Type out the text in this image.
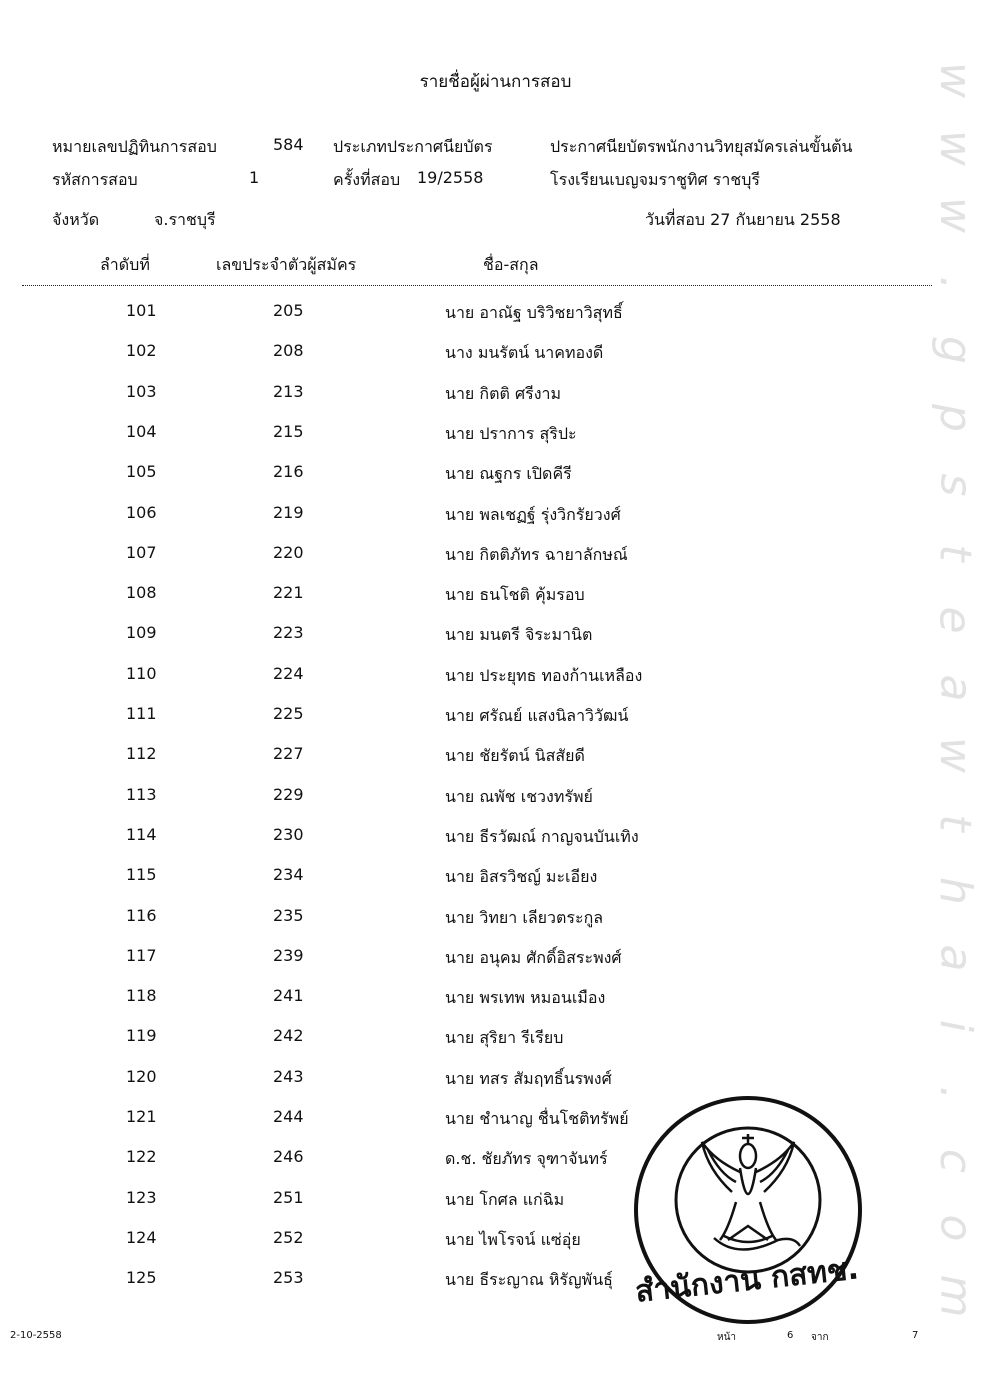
รายชื่อผู้ผ่านการสอบ
หมายเลขปฏิทินการสอบ	584 ประเภทประกาศนียบัตร	ประกาศนียบัตรพนักงานวิทยุสมัครเล่นขั้นต้น
รหัสการสอบ	1	ครั้งที่สอบ 19/2558	โรงเรียนเบญจมราชูทิศ ราชบุรี
จังหวัด	จ.ราชบุรี	วันที่สอบ 27 กันยายน 2558
ลำดับที่	เลขประจำตัวผู้สมัคร	ชื่อ-สกุล
101	205	นาย อาณัฐ บริวิชยาวิสุทธิ์
102	208	นาง มนรัตน์ นาคทองดี
103	213	นาย กิตติ ศรีงาม
104	215	นาย ปราการ สุริปะ
105	216	นาย ณฐกร เปิดคีรี
106	219	นาย พลเชฏฐ์ รุ่งวิกรัยวงศ์
107	220	นาย กิตติภัทร ฉายาลักษณ์
108	221	นาย ธนโชติ คุ้มรอบ
109	223	นาย มนตรี จิระมานิต
110	224	นาย ประยุทธ ทองก้านเหลือง
111	225	นาย ศรัณย์ แสงนิลาวิวัฒน์
112	227	นาย ชัยรัตน์ นิสสัยดี
113	229	นาย ณพัช เชวงทรัพย์
114	230	นาย ธีรวัฒณ์ กาญจนบันเทิง
115	234	นาย อิสรวิชญ์ มะเอียง
116	235	นาย วิทยา เลียวตระกูล
117	239	นาย อนุคม ศักดิ์อิสระพงศ์
118	241	นาย พรเทพ หมอนเมือง
119	242	นาย สุริยา รีเรียบ
120	243	นาย ทสร สัมฤทธิ์นรพงศ์
121	244	นาย ชำนาญ ชื่นโชติทรัพย์
122	246	ด.ช. ชัยภัทร จุฑาจันทร์
123	251	นาย โกศล แก่ฉิม
124	252	นาย ไพโรจน์ แซ่อุ่ย
125	253	นาย ธีระญาณ หิรัญพันธุ์
w
w
w
.
g
p
s
t
e
a
w
t
h
a
i
.
c
o
m
สำนักงาน กสทช.
2-10-2558	หน้า	6 จาก	7
